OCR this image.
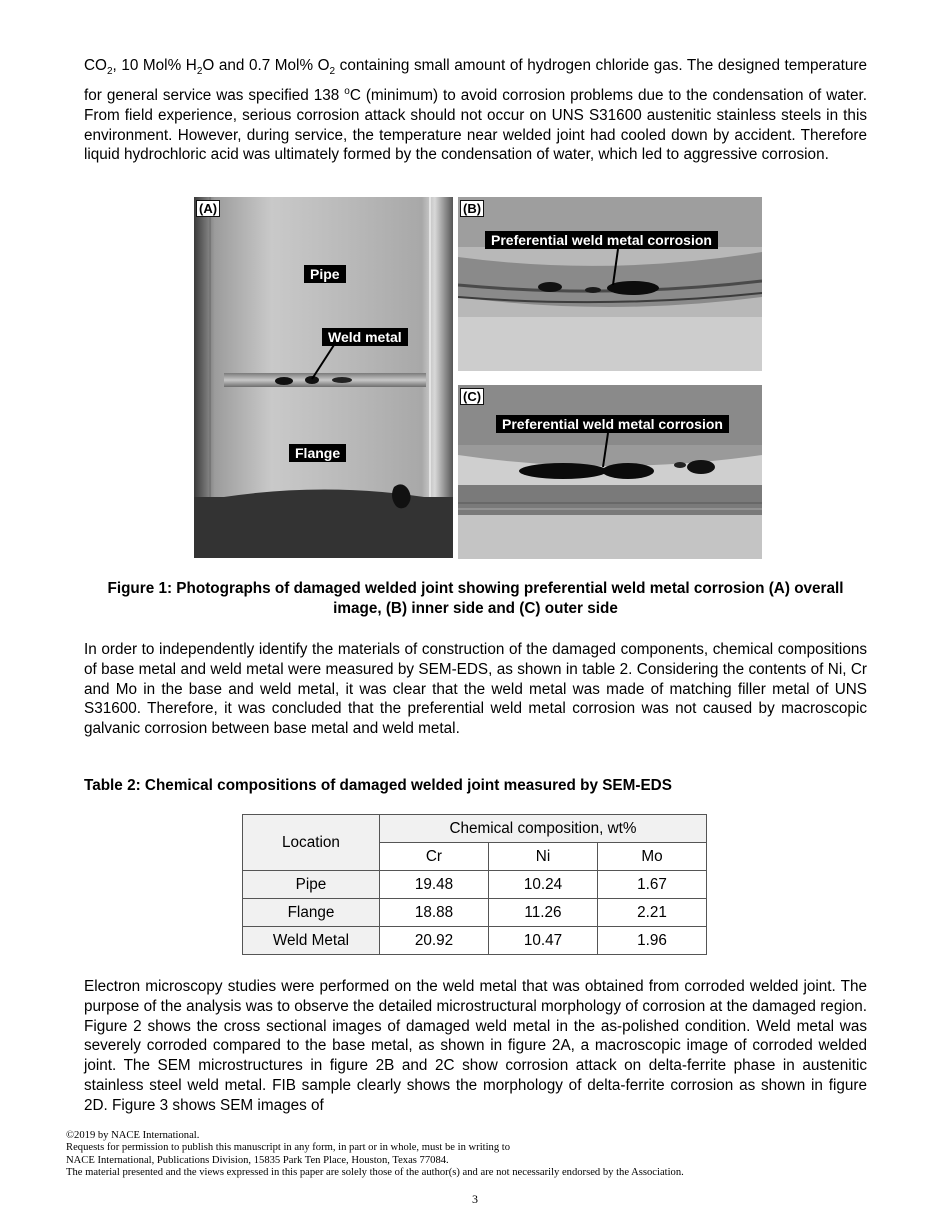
$CO_2$, 10 Mol% $H_2O$ and 0.7 Mol% $O_2$ containing small amount of hydrogen chloride gas. The designed temperature for general service was specified 138 $^o$C (minimum) to avoid corrosion problems due to the condensation of water. From field experience, serious corrosion attack should not occur on UNS S31600 austenitic stainless steels in this environment. However, during service, the temperature near welded joint had cooled down by accident. Therefore liquid hydrochloric acid was ultimately formed by the condensation of water, which led to aggressive corrosion.

(A)
Pipe
Weld metal
Flange
(B)
Preferential weld metal corrosion
(C)
Preferential weld metal corrosion

Figure 1: Photographs of damaged welded joint showing preferential weld metal corrosion (A) overall image, (B) inner side and (C) outer side

In order to independently identify the materials of construction of the damaged components, chemical compositions of base metal and weld metal were measured by SEM-EDS, as shown in table 2. Considering the contents of Ni, Cr and Mo in the base and weld metal, it was clear that the weld metal was made of matching filler metal of UNS S31600. Therefore, it was concluded that the preferential weld metal corrosion was not caused by macroscopic galvanic corrosion between base metal and weld metal.

Table 2: Chemical compositions of damaged welded joint measured by SEM-EDS

Location	Chemical composition, wt%		
	Cr	Ni	Mo
Pipe	19.48	10.24	1.67
Flange	18.88	11.26	2.21
Weld Metal	20.92	10.47	1.96

Electron microscopy studies were performed on the weld metal that was obtained from corroded welded joint. The purpose of the analysis was to observe the detailed microstructural morphology of corrosion at the damaged region. Figure 2 shows the cross sectional images of damaged weld metal in the as-polished condition. Weld metal was severely corroded compared to the base metal, as shown in figure 2A, a macroscopic image of corroded welded joint. The SEM microstructures in figure 2B and 2C show corrosion attack on delta-ferrite phase in austenitic stainless steel weld metal. FIB sample clearly shows the morphology of delta-ferrite corrosion as shown in figure 2D. Figure 3 shows SEM images of

©2019 by NACE International.
Requests for permission to publish this manuscript in any form, in part or in whole, must be in writing to
NACE International, Publications Division, 15835 Park Ten Place, Houston, Texas 77084.
The material presented and the views expressed in this paper are solely those of the author(s) and are not necessarily endorsed by the Association.
3
